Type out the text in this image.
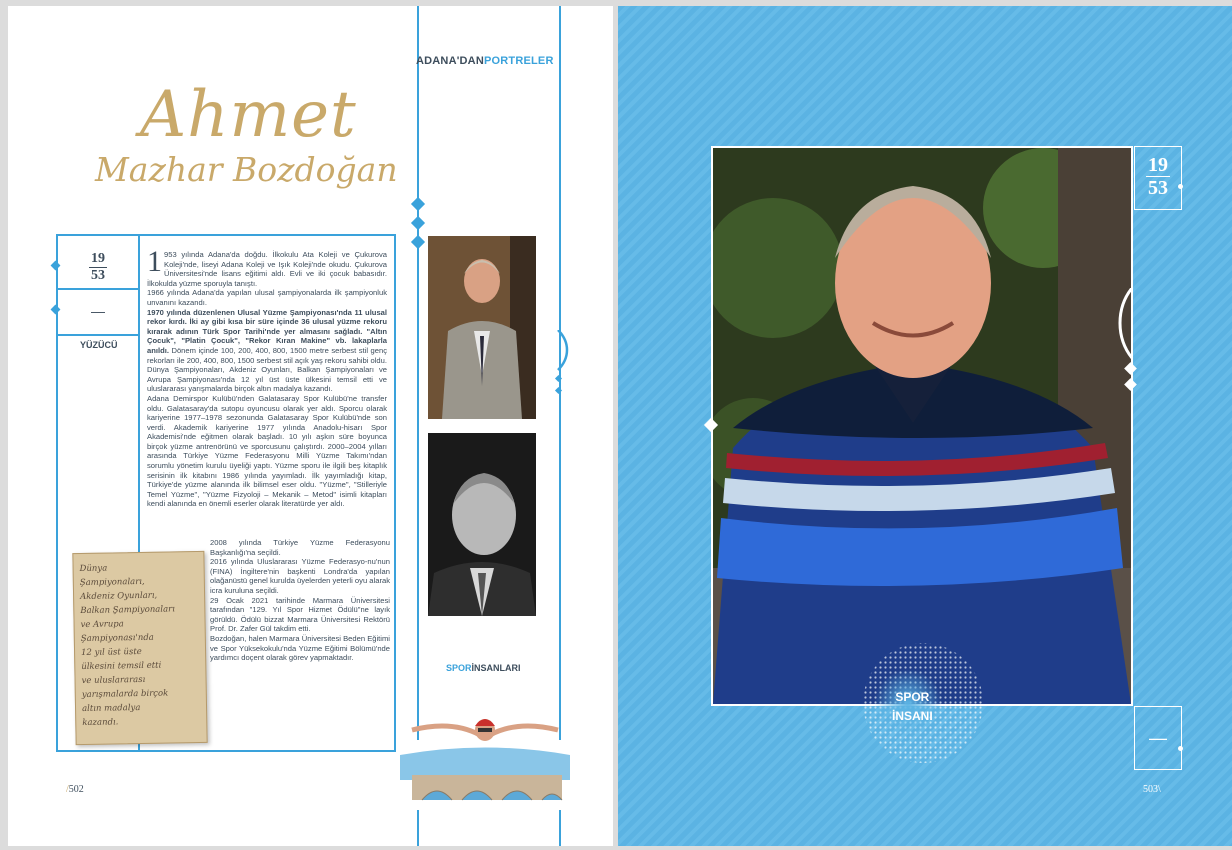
ADANA'DANPORTRELER
Ahmet
Mazhar Bozdoğan
19
53
—
YÜZÜCÜ
1 953 yılında Adana'da doğdu. İlkokulu Ata Koleji ve Çukurova Koleji'nde, liseyi Adana Koleji ve Işık Koleji'nde okudu. Çukurova Üniversitesi'nde lisans eğitimi aldı. Evli ve iki çocuk babasıdır. İlkokulda yüzme sporuyla tanıştı.

1966 yılında Adana'da yapılan ulusal şampiyonalarda ilk şampiyonluk unvanını kazandı.

1970 yılında düzenlenen Ulusal Yüzme Şampiyonası'nda 11 ulusal rekor kırdı. İki ay gibi kısa bir süre içinde 36 ulusal yüzme rekoru kırarak adının Türk Spor Tarihi'nde yer almasını sağladı. "Altın Çocuk", "Platin Çocuk", "Rekor Kıran Makine" vb. lakaplarla anıldı. Dönem içinde 100, 200, 400, 800, 1500 metre serbest stil genç rekorları ile 200, 400, 800, 1500 serbest stil açık yaş rekoru sahibi oldu. Dünya Şampiyonaları, Akdeniz Oyunları, Balkan Şampiyonaları ve Avrupa Şampiyonası'nda 12 yıl üst üste ülkesini temsil etti ve uluslararası yarışmalarda birçok altın madalya kazandı.

Adana Demirspor Kulübü'nden Galatasaray Spor Kulübü'ne transfer oldu. Galatasaray'da sutopu oyuncusu olarak yer aldı. Sporcu olarak kariyerine 1977–1978 sezonunda Galatasaray Spor Kulübü'nde son verdi. Akademik kariyerine 1977 yılında Anadolu-hisarı Spor Akademisi'nde eğitmen olarak başladı. 10 yılı aşkın süre boyunca birçok yüzme antrenörünü ve sporcusunu çalıştırdı. 2000–2004 yılları arasında Türkiye Yüzme Federasyonu Milli Yüzme Takımı'ndan sorumlu yönetim kurulu üyeliği yaptı. Yüzme sporu ile ilgili beş kitaplık serisinin ilk kitabını 1986 yılında yayımladı. İlk yayımladığı kitap, Türkiye'de yüzme alanında ilk bilimsel eser oldu. "Yüzme", "Stilleriyle Temel Yüzme", "Yüzme Fizyoloji – Mekanik – Metod" isimli kitapları kendi alanında en önemli eserler olarak literatürde yer aldı.

2008 yılında Türkiye Yüzme Federasyonu Başkanlığı'na seçildi.

2016 yılında Uluslararası Yüzme Federasyo-nu'nun (FINA) İngiltere'nin başkenti Londra'da yapılan olağanüstü genel kurulda üyelerden yeterli oyu alarak icra kuruluna seçildi.

29 Ocak 2021 tarihinde Marmara Üniversitesi tarafından "129. Yıl Spor Hizmet Ödülü"ne layık görüldü. Ödülü bizzat Marmara Üniversitesi Rektörü Prof. Dr. Zafer Gül takdim etti.

Bozdoğan, halen Marmara Üniversitesi Beden Eğitimi ve Spor Yüksekokulu'nda Yüzme Eğitimi Bölümü'nde yardımcı doçent olarak görev yapmaktadır.

Dünya
Şampiyonaları,
Akdeniz Oyunları,
Balkan Şampiyonaları
ve Avrupa
Şampiyonası'nda
12 yıl üst üste
ülkesini temsil etti
ve uluslararası
yarışmalarda birçok
altın madalya
kazandı.
SPORİNSANLARI
/502
19
53
—
SPOR
İNSANI
503\
